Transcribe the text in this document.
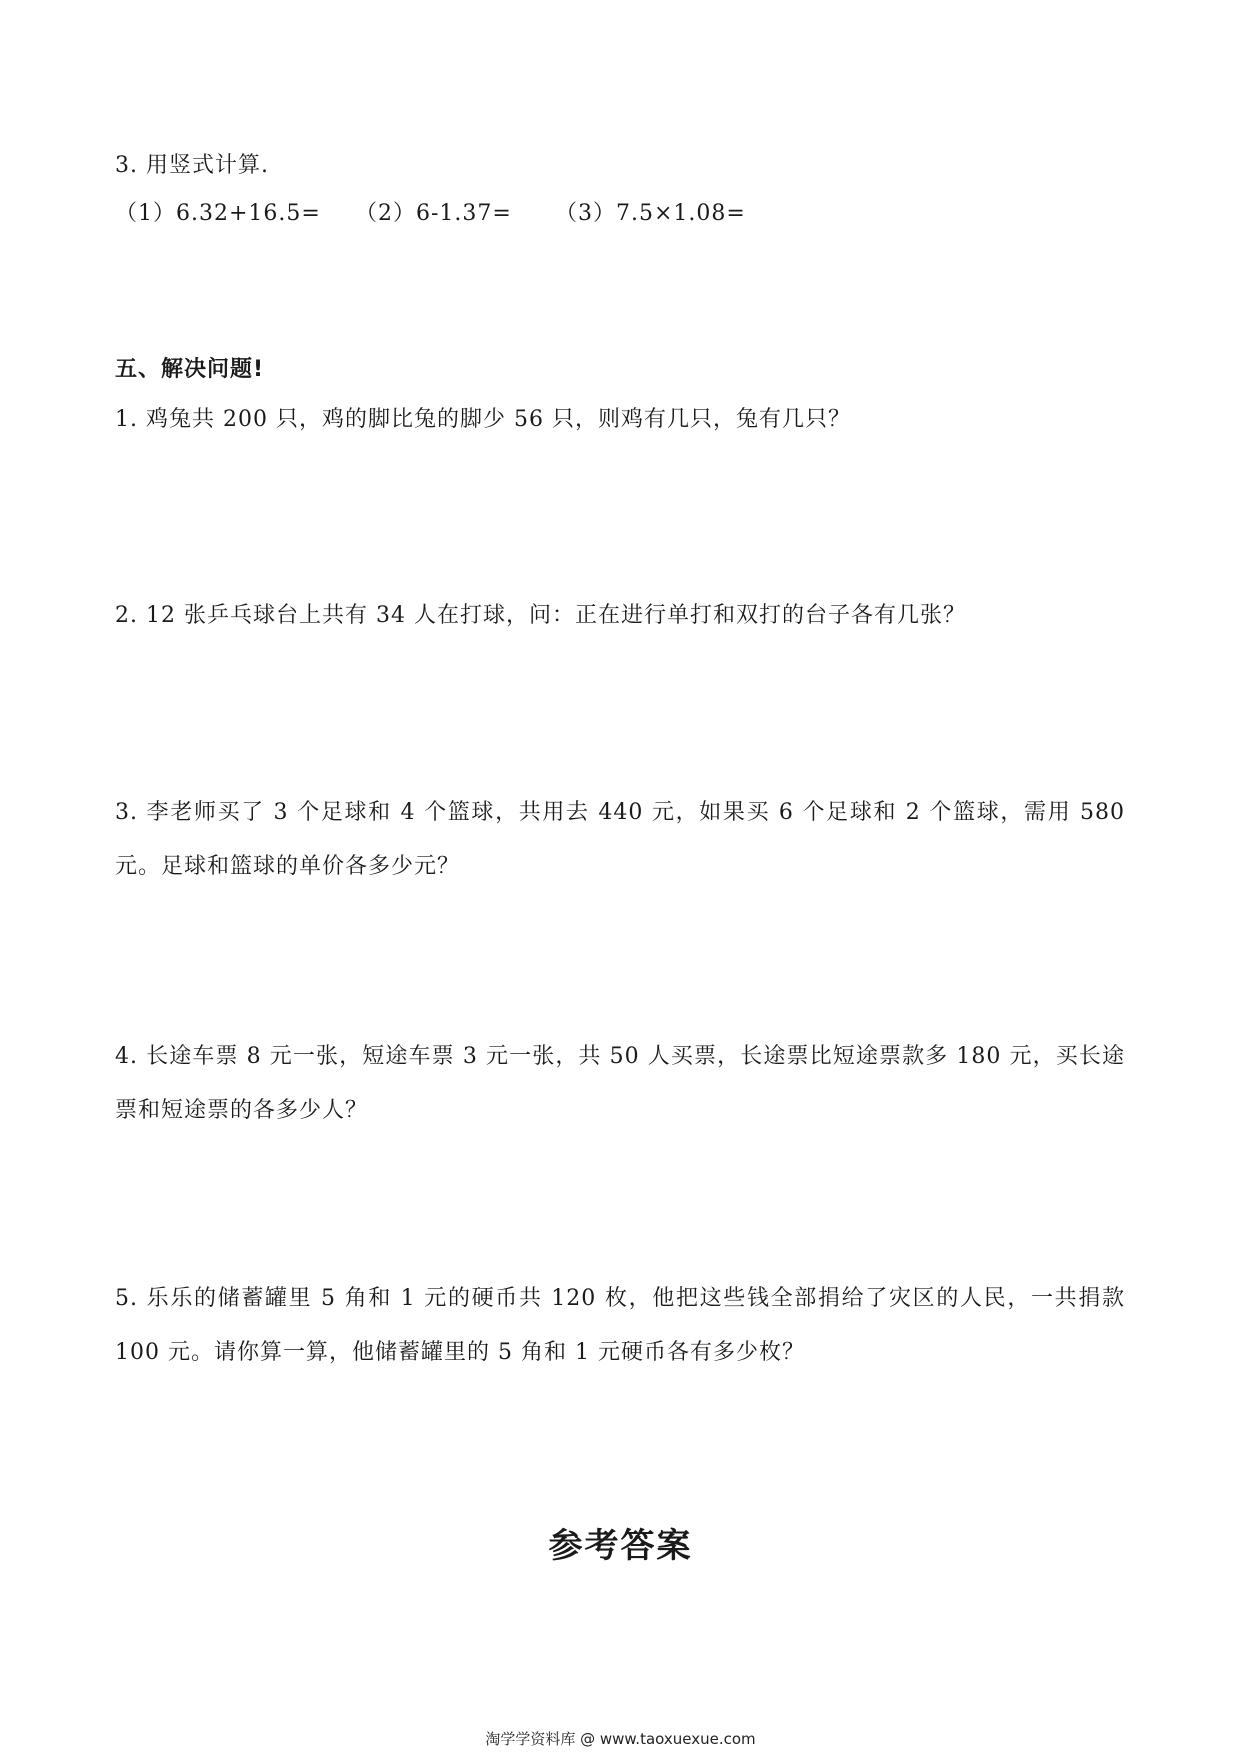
3. 用竖式计算.
（1）6.32+16.5= （2）6-1.37= （3）7.5×1.08=
五、解决问题!
1. 鸡兔共 200 只，鸡的脚比兔的脚少 56 只，则鸡有几只，兔有几只？
2. 12 张乒乓球台上共有 34 人在打球，问：正在进行单打和双打的台子各有几张？
3. 李老师买了 3 个足球和 4 个篮球，共用去 440 元，如果买 6 个足球和 2 个篮球，需用 580 元。足球和篮球的单价各多少元？
4. 长途车票 8 元一张，短途车票 3 元一张，共 50 人买票，长途票比短途票款多 180 元，买长途票和短途票的各多少人？
5. 乐乐的储蓄罐里 5 角和 1 元的硬币共 120 枚，他把这些钱全部捐给了灾区的人民，一共捐款 100 元。请你算一算，他储蓄罐里的 5 角和 1 元硬币各有多少枚？
参考答案
淘学学资料库 @ www.taoxuexue.com
